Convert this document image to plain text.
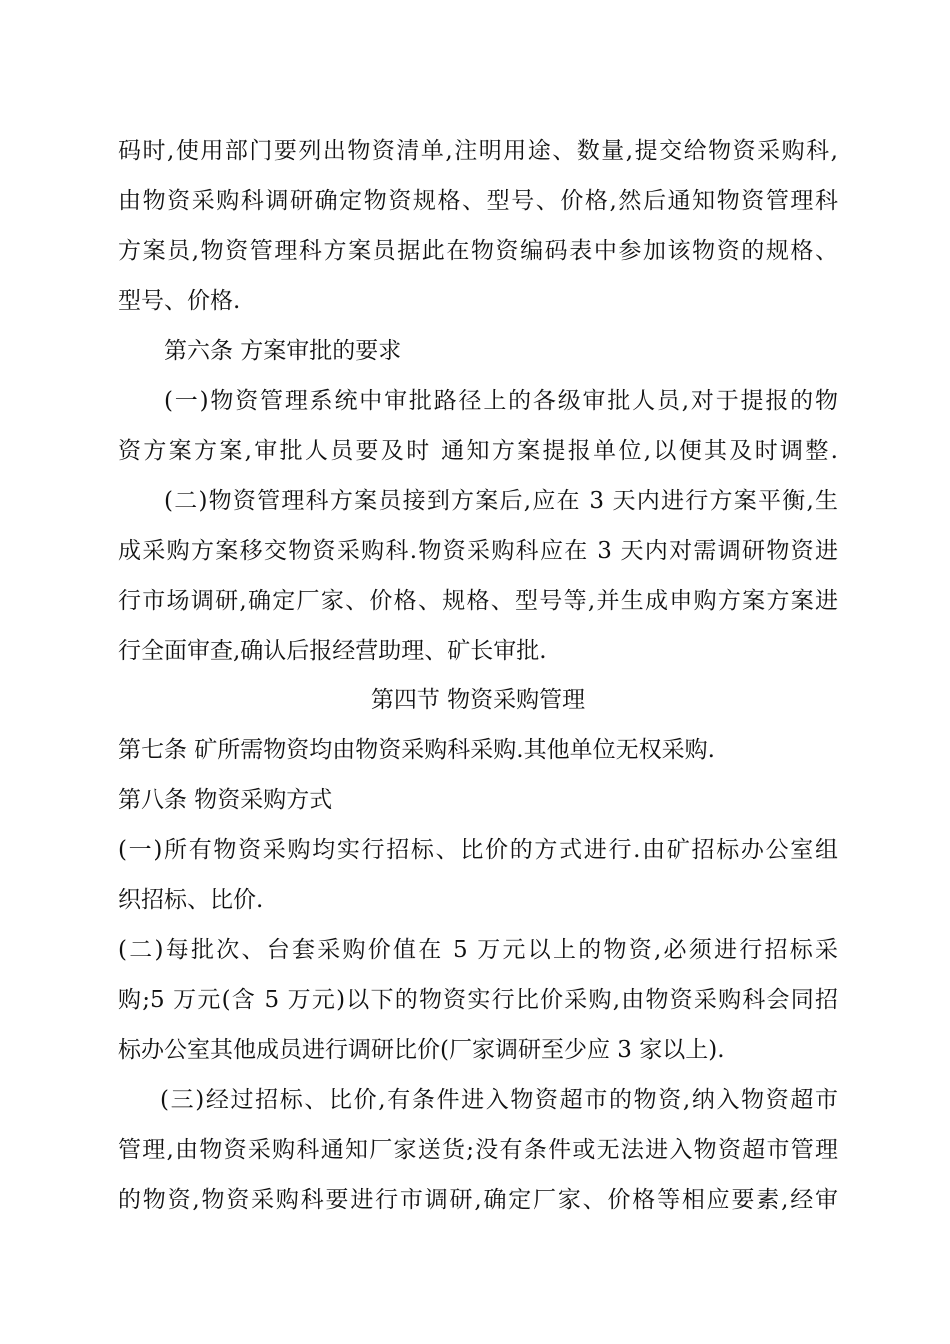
码时,使用部门要列出物资清单,注明用途、数量,提交给物资采购科,
由物资采购科调研确定物资规格、型号、价格,然后通知物资管理科
方案员,物资管理科方案员据此在物资编码表中参加该物资的规格、
型号、价格.
第六条 方案审批的要求
(一)物资管理系统中审批路径上的各级审批人员,对于提报的物
资方案方案,审批人员要及时 通知方案提报单位,以便其及时调整.
(二)物资管理科方案员接到方案后,应在 3 天内进行方案平衡,生
成采购方案移交物资采购科.物资采购科应在 3 天内对需调研物资进
行市场调研,确定厂家、价格、规格、型号等,并生成申购方案方案进
行全面审查,确认后报经营助理、矿长审批.
第四节 物资采购管理
第七条 矿所需物资均由物资采购科采购.其他单位无权采购.
第八条 物资采购方式
(一)所有物资采购均实行招标、比价的方式进行.由矿招标办公室组
织招标、比价.
(二)每批次、台套采购价值在 5 万元以上的物资,必须进行招标采
购;5 万元(含 5 万元)以下的物资实行比价采购,由物资采购科会同招
标办公室其他成员进行调研比价(厂家调研至少应 3 家以上).
(三)经过招标、比价,有条件进入物资超市的物资,纳入物资超市
管理,由物资采购科通知厂家送货;没有条件或无法进入物资超市管理
的物资,物资采购科要进行市调研,确定厂家、价格等相应要素,经审
